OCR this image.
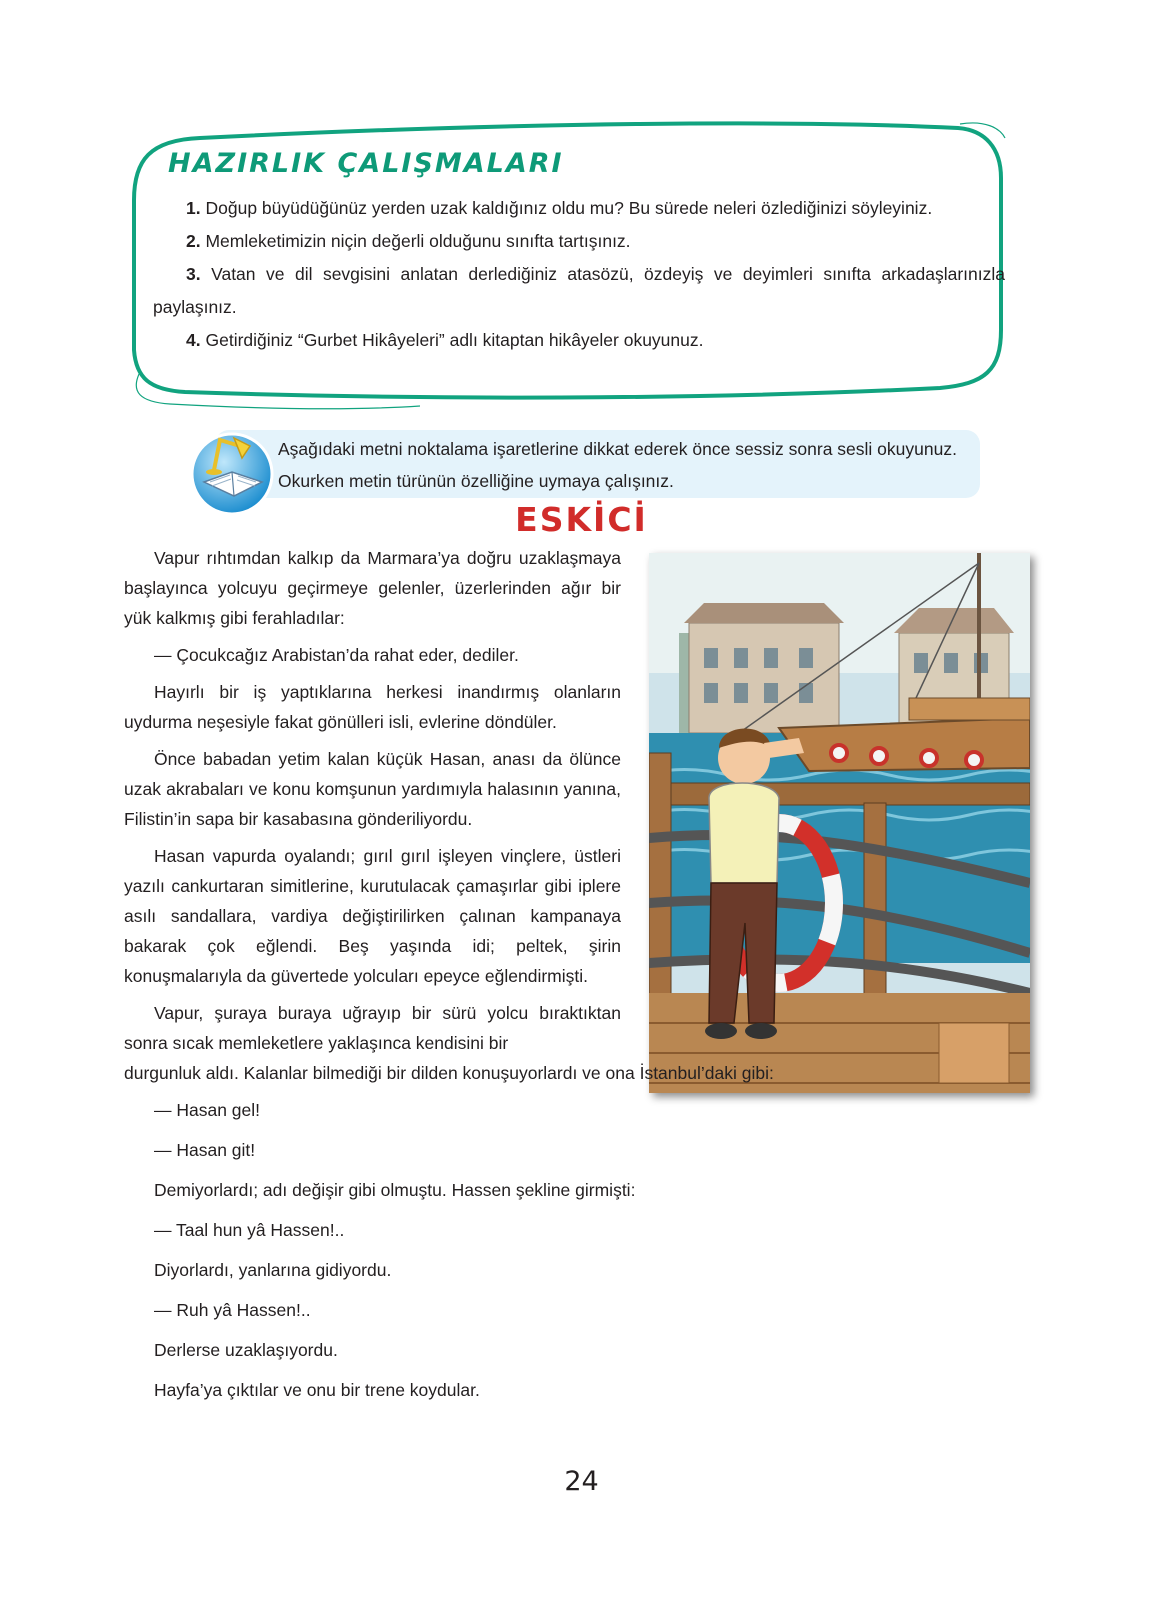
HAZIRLIK ÇALIŞMALARI

1. Doğup büyüdüğünüz yerden uzak kaldığınız oldu mu? Bu sürede neleri özlediğinizi söyleyiniz.

2. Memleketimizin niçin değerli olduğunu sınıfta tartışınız.

3. Vatan ve dil sevgisini anlatan derlediğiniz atasözü, özdeyiş ve deyimleri sınıfta arkadaşlarınızla paylaşınız.

4. Getirdiğiniz “Gurbet Hikâyeleri” adlı kitaptan hikâyeler okuyunuz.

Aşağıdaki metni noktalama işaretlerine dikkat ederek önce sessiz sonra sesli okuyunuz. Okurken metin türünün özelliğine uymaya çalışınız.

ESKİCİ

Vapur rıhtımdan kalkıp da Marmara’ya doğru uzaklaşmaya başlayınca yolcuyu geçirmeye gelenler, üzerlerinden ağır bir yük kalkmış gibi ferahladılar:

— Çocukcağız Arabistan’da rahat eder, dediler.

Hayırlı bir iş yaptıklarına herkesi inandırmış olanların uydurma neşesiyle fakat gönülleri isli, evlerine döndüler.

Önce babadan yetim kalan küçük Hasan, anası da ölünce uzak akrabaları ve konu komşunun yardımıyla halasının yanına, Filistin’in sapa bir kasabasına gönderiliyordu.

Hasan vapurda oyalandı; gırıl gırıl işleyen vinçlere, üstleri yazılı cankurtaran simitlerine, kurutulacak çamaşırlar gibi iplere asılı sandallara, vardiya değiştirilirken çalınan kampanaya bakarak çok eğlendi. Beş yaşında idi; peltek, şirin konuşmalarıyla da güvertede yolcuları epeyce eğlendirmişti.

Vapur, şuraya buraya uğrayıp bir sürü yolcu bıraktıktan sonra sıcak memleketlere yaklaşınca kendisini bir

durgunluk aldı. Kalanlar bilmediği bir dilden konuşuyorlardı ve ona İstanbul’daki gibi:

— Hasan gel!

— Hasan git!

Demiyorlardı; adı değişir gibi olmuştu. Hassen şekline girmişti:

— Taal hun yâ Hassen!..

Diyorlardı, yanlarına gidiyordu.

— Ruh yâ Hassen!..

Derlerse uzaklaşıyordu.

Hayfa’ya çıktılar ve onu bir trene koydular.

24
